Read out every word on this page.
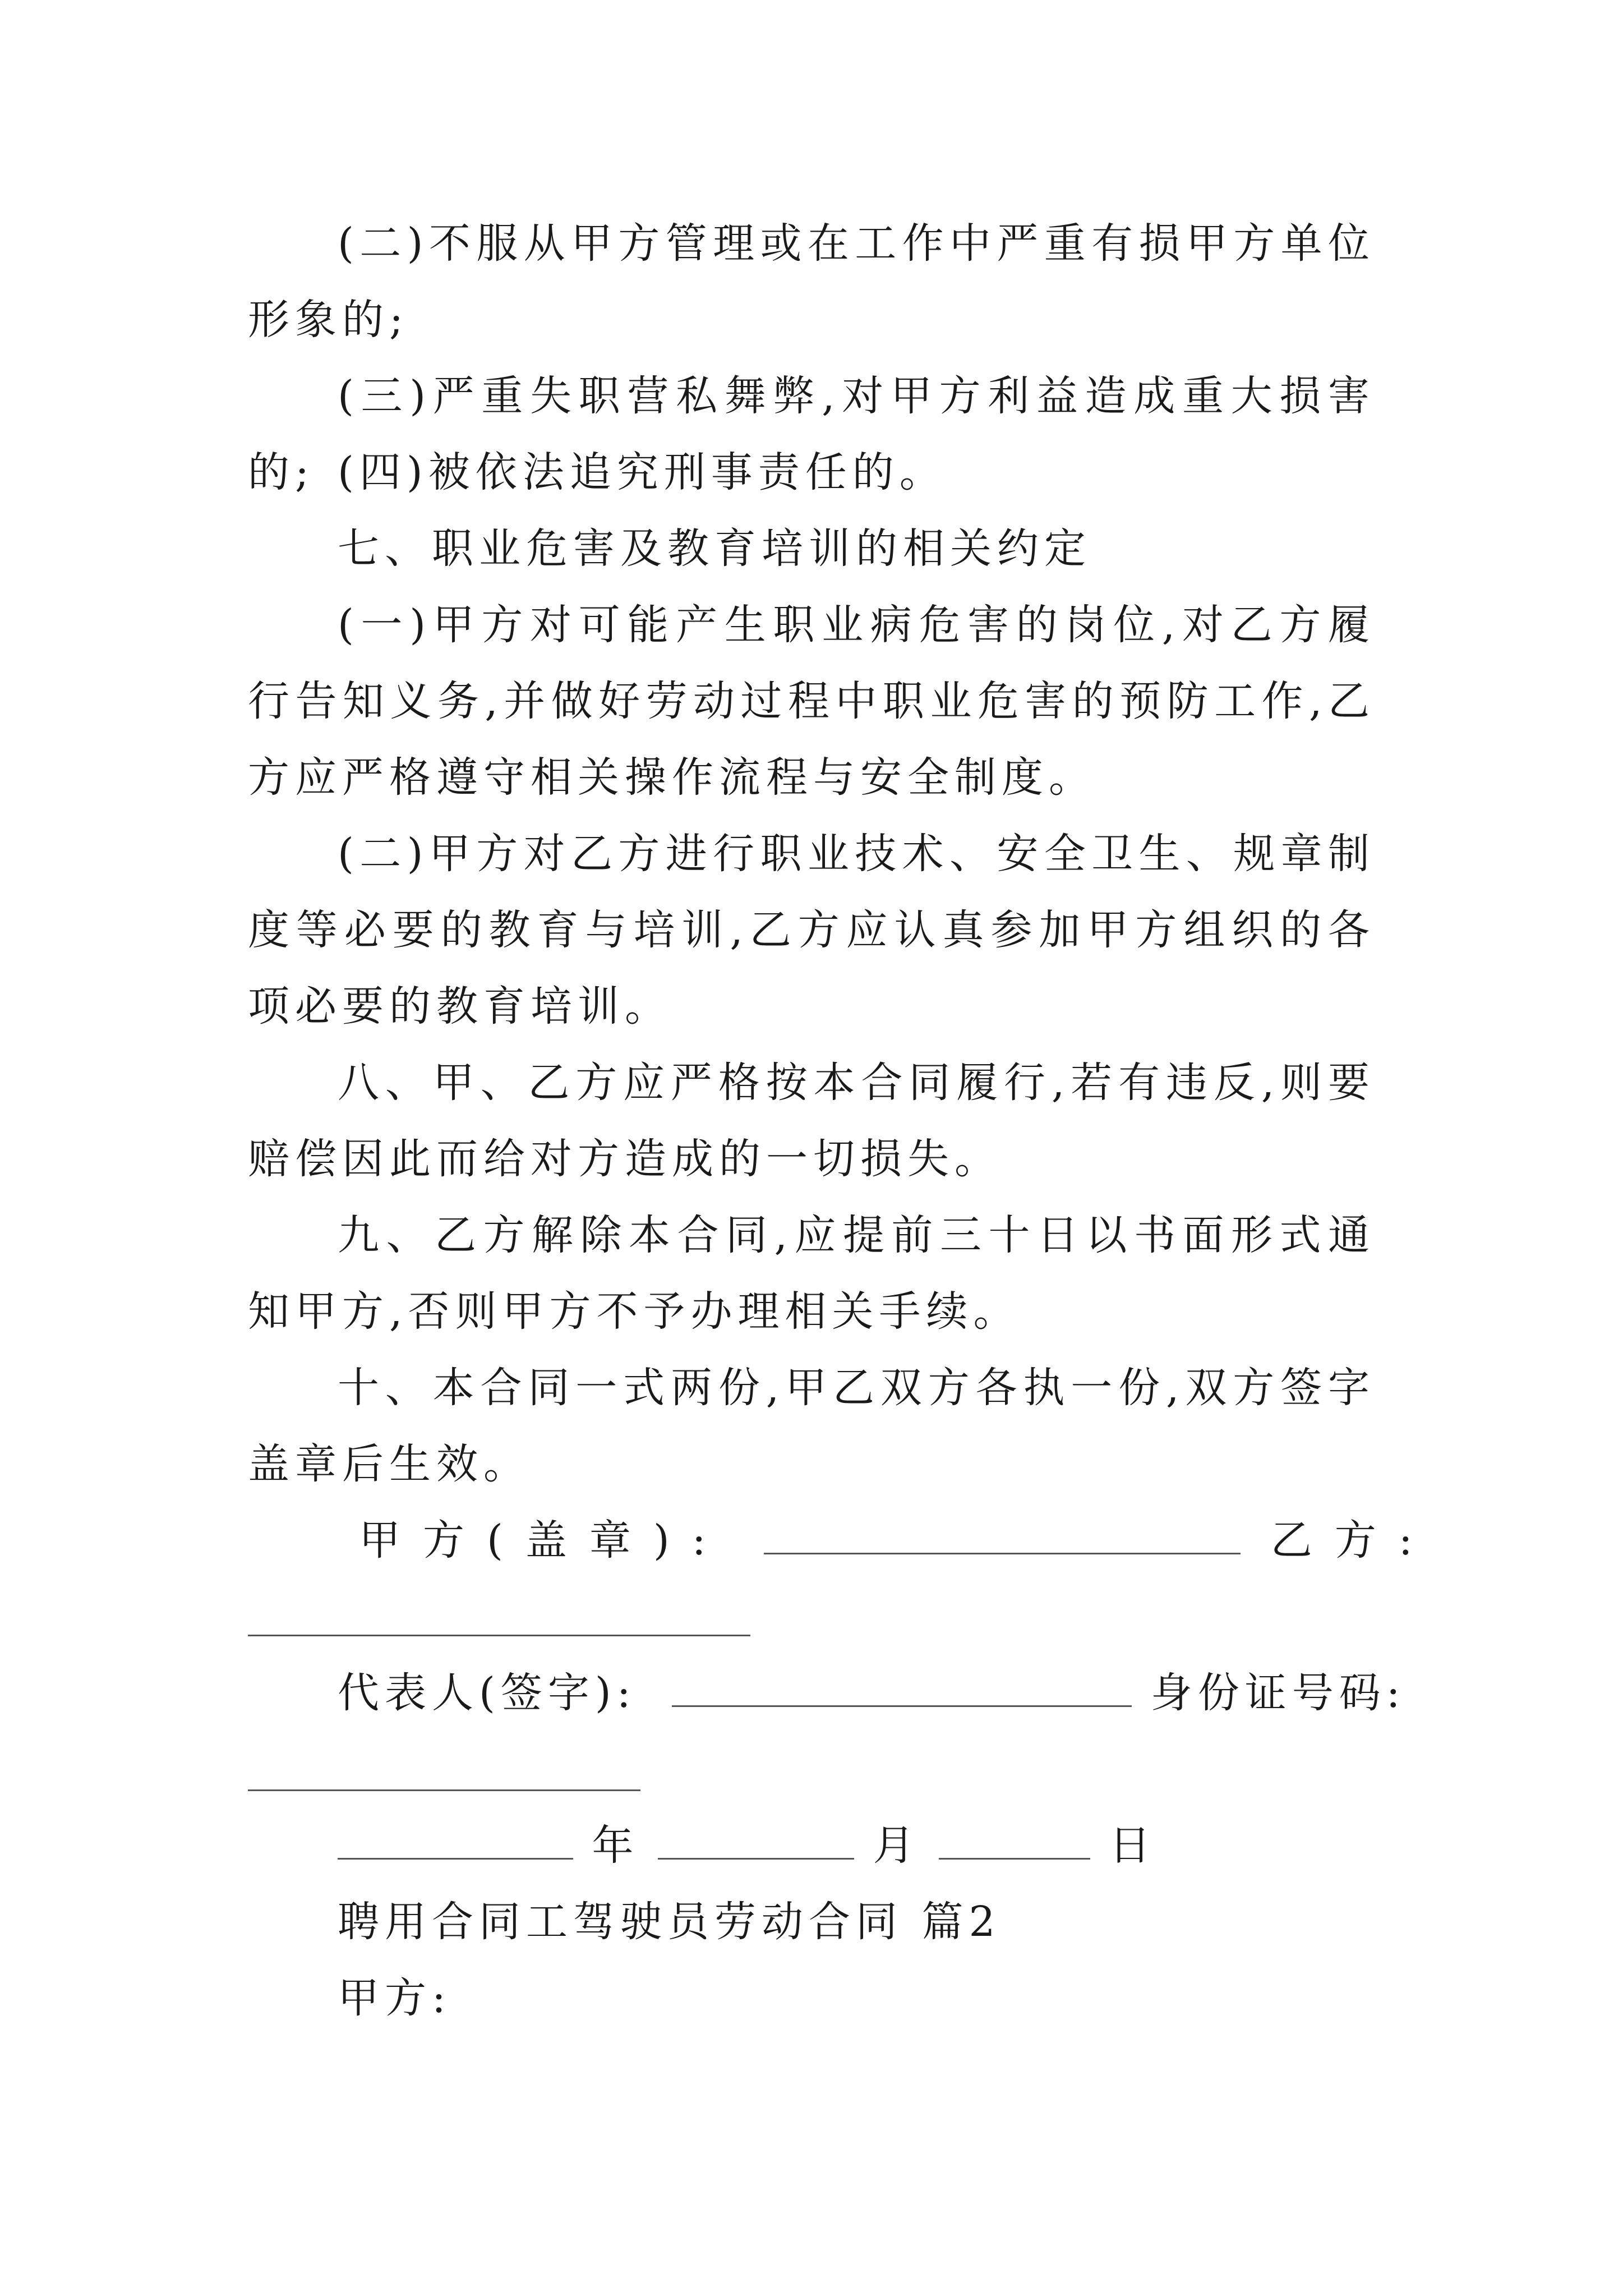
(二)不服从甲方管理或在工作中严重有损甲方单位形象的;

(三)严重失职营私舞弊,对甲方利益造成重大损害的; (四)被依法追究刑事责任的。

七、职业危害及教育培训的相关约定

(一)甲方对可能产生职业病危害的岗位,对乙方履行告知义务,并做好劳动过程中职业危害的预防工作,乙方应严格遵守相关操作流程与安全制度。

(二)甲方对乙方进行职业技术、安全卫生、规章制度等必要的教育与培训,乙方应认真参加甲方组织的各项必要的教育培训。

八、甲、乙方应严格按本合同履行,若有违反,则要赔偿因此而给对方造成的一切损失。

九、乙方解除本合同,应提前三十日以书面形式通知甲方,否则甲方不予办理相关手续。

十、本合同一式两份,甲乙双方各执一份,双方签字盖章后生效。

甲方(盖章):	乙方:
代表人(签字):	身份证号码:
年	月	日

聘用合同工驾驶员劳动合同 篇2

甲方:
